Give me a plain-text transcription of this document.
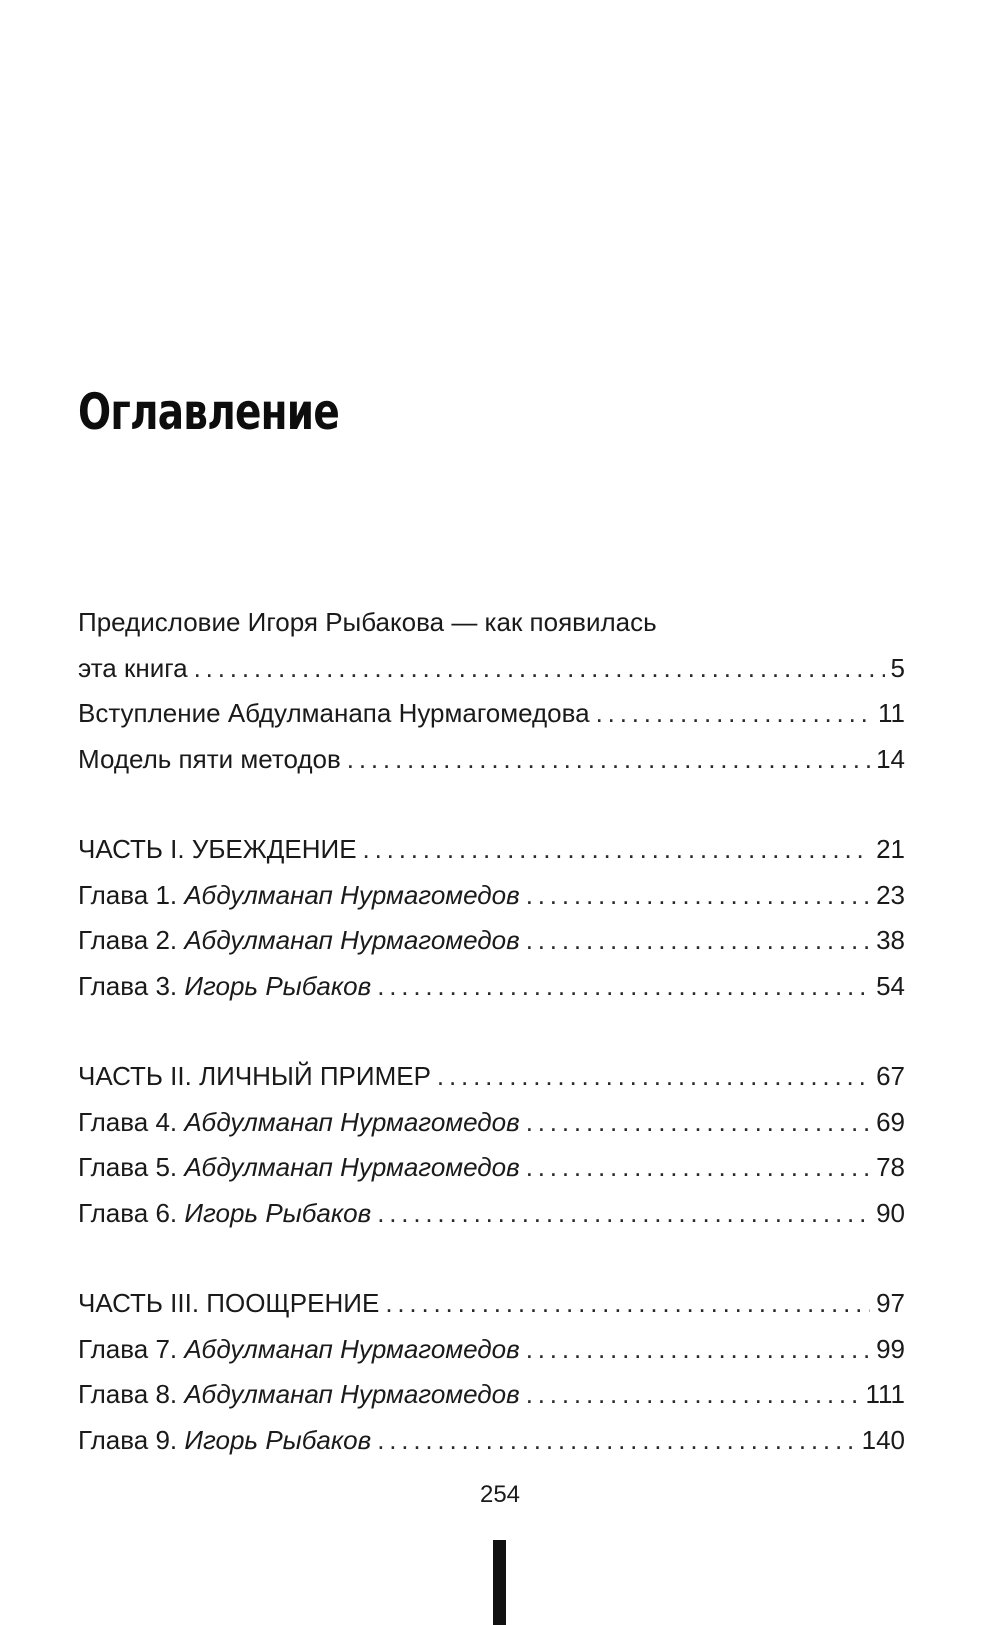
Оглавление
Предисловие Игоря Рыбакова — как появилась
эта книга . . .	5
Вступление Абдулманапа Нурмагомедова . . .	11
Модель пяти методов . . .	14
ЧАСТЬ I. УБЕЖДЕНИЕ . . .	21
Глава 1. Абдулманап Нурмагомедов . . .	23
Глава 2. Абдулманап Нурмагомедов . . .	38
Глава 3. Игорь Рыбаков . . .	54
ЧАСТЬ II. ЛИЧНЫЙ ПРИМЕР . . .	67
Глава 4. Абдулманап Нурмагомедов . . .	69
Глава 5. Абдулманап Нурмагомедов . . .	78
Глава 6. Игорь Рыбаков . . .	90
ЧАСТЬ III. ПООЩРЕНИЕ . . .	97
Глава 7. Абдулманап Нурмагомедов . . .	99
Глава 8. Абдулманап Нурмагомедов . . .	111
Глава 9. Игорь Рыбаков . . .	140
254
